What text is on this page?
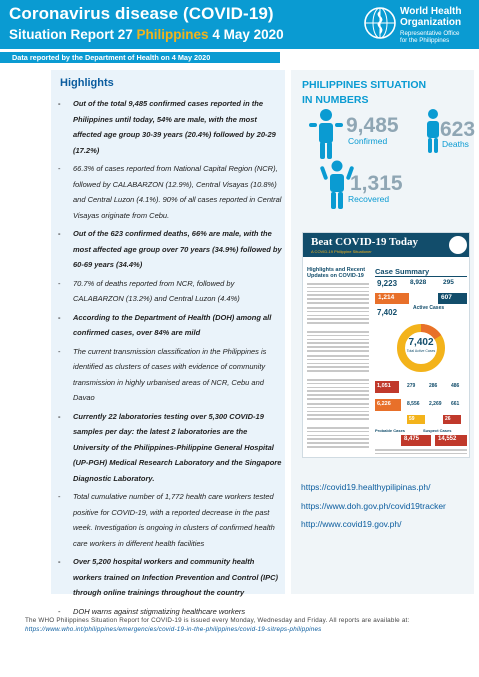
Coronavirus disease (COVID-19)
Situation Report 27 Philippines 4 May 2020
World Health
Organization
Representative Office
for the Philippines
Data reported by the Department of Health on 4 May 2020
Highlights
- Out of the total 9,485 confirmed cases reported in the Philippines until today, 54% are male, with the most affected age group 30-39 years (20.4%) followed by 20-29 (17.2%)
- 66.3% of cases reported from National Capital Region (NCR), followed by CALABARZON (12.9%), Central Visayas (10.8%) and Central Luzon (4.1%). 90% of all cases reported in Central Visayas originate from Cebu.
- Out of the 623 confirmed deaths, 66% are male, with the most affected age group over 70 years (34.9%) followed by 60-69 years (34.4%)
- 70.7% of deaths reported from NCR, followed by CALABARZON (13.2%) and Central Luzon (4.4%)
- According to the Department of Health (DOH) among all confirmed cases, over 84% are mild
- The current transmission classification in the Philippines is identified as clusters of cases with evidence of community transmission in highly urbanised areas of NCR, Cebu and Davao
- Currently 22 laboratories testing over 5,300 COVID-19 samples per day: the latest 2 laboratories are the University of the Philippines-Philippine General Hospital (UP-PGH) Medical Research Laboratory and the Singapore Diagnostic Laboratory.
- Total cumulative number of 1,772 health care workers tested positive for COVID-19, with a reported decrease in the past week. Investigation is ongoing in clusters of confirmed health care workers in different health facilities
- Over 5,200 hospital workers and community health workers trained on Infection Prevention and Control (IPC) through online trainings throughout the country
- DOH warns against stigmatizing healthcare workers
PHILIPPINES SITUATION
IN NUMBERS
9,485
Confirmed	623
Deaths
1,315
Recovered
Beat COVID-19 Today
A COVID-19 Philippine Situationer
Highlights and Recent
Updates on COVID-19	Case Summary
9,223 8,928	295
1,214	607
7,402	Active Cases
7,402
Total Active Cases
1,051	279	286	486
6,226	8,556 2,269 661
59	26
Probable Cases	Suspect Cases
8,475	14,552
https://covid19.healthypilipinas.ph/
https://www.doh.gov.ph/covid19tracker
http://www.covid19.gov.ph/
The WHO Philippines Situation Report for COVID-19 is issued every Monday, Wednesday and Friday. All reports are available at: https://www.who.int/philippines/emergencies/covid-19-in-the-philippines/covid-19-sitreps-philippines
